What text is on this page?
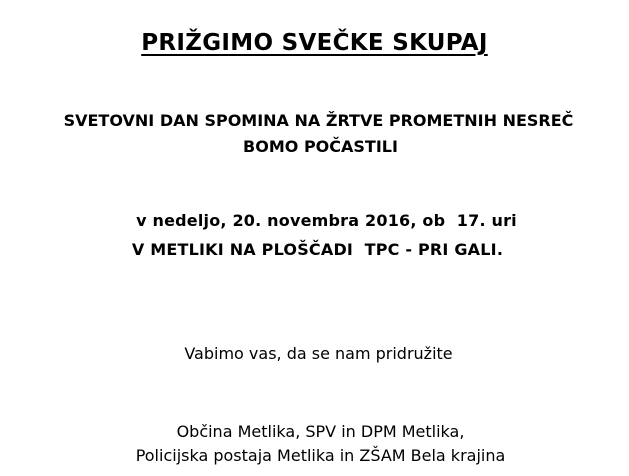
PRIŽGIMO SVEČKE SKUPAJ
SVETOVNI DAN SPOMINA NA ŽRTVE PROMETNIH NESREČ
BOMO POČASTILI
v nedeljo, 20. novembra 2016, ob  17. uri
V METLIKI NA PLOŠČADI  TPC - PRI GALI.
Vabimo vas, da se nam pridružite
Občina Metlika, SPV in DPM Metlika,
Policijska postaja Metlika in ZŠAM Bela krajina
